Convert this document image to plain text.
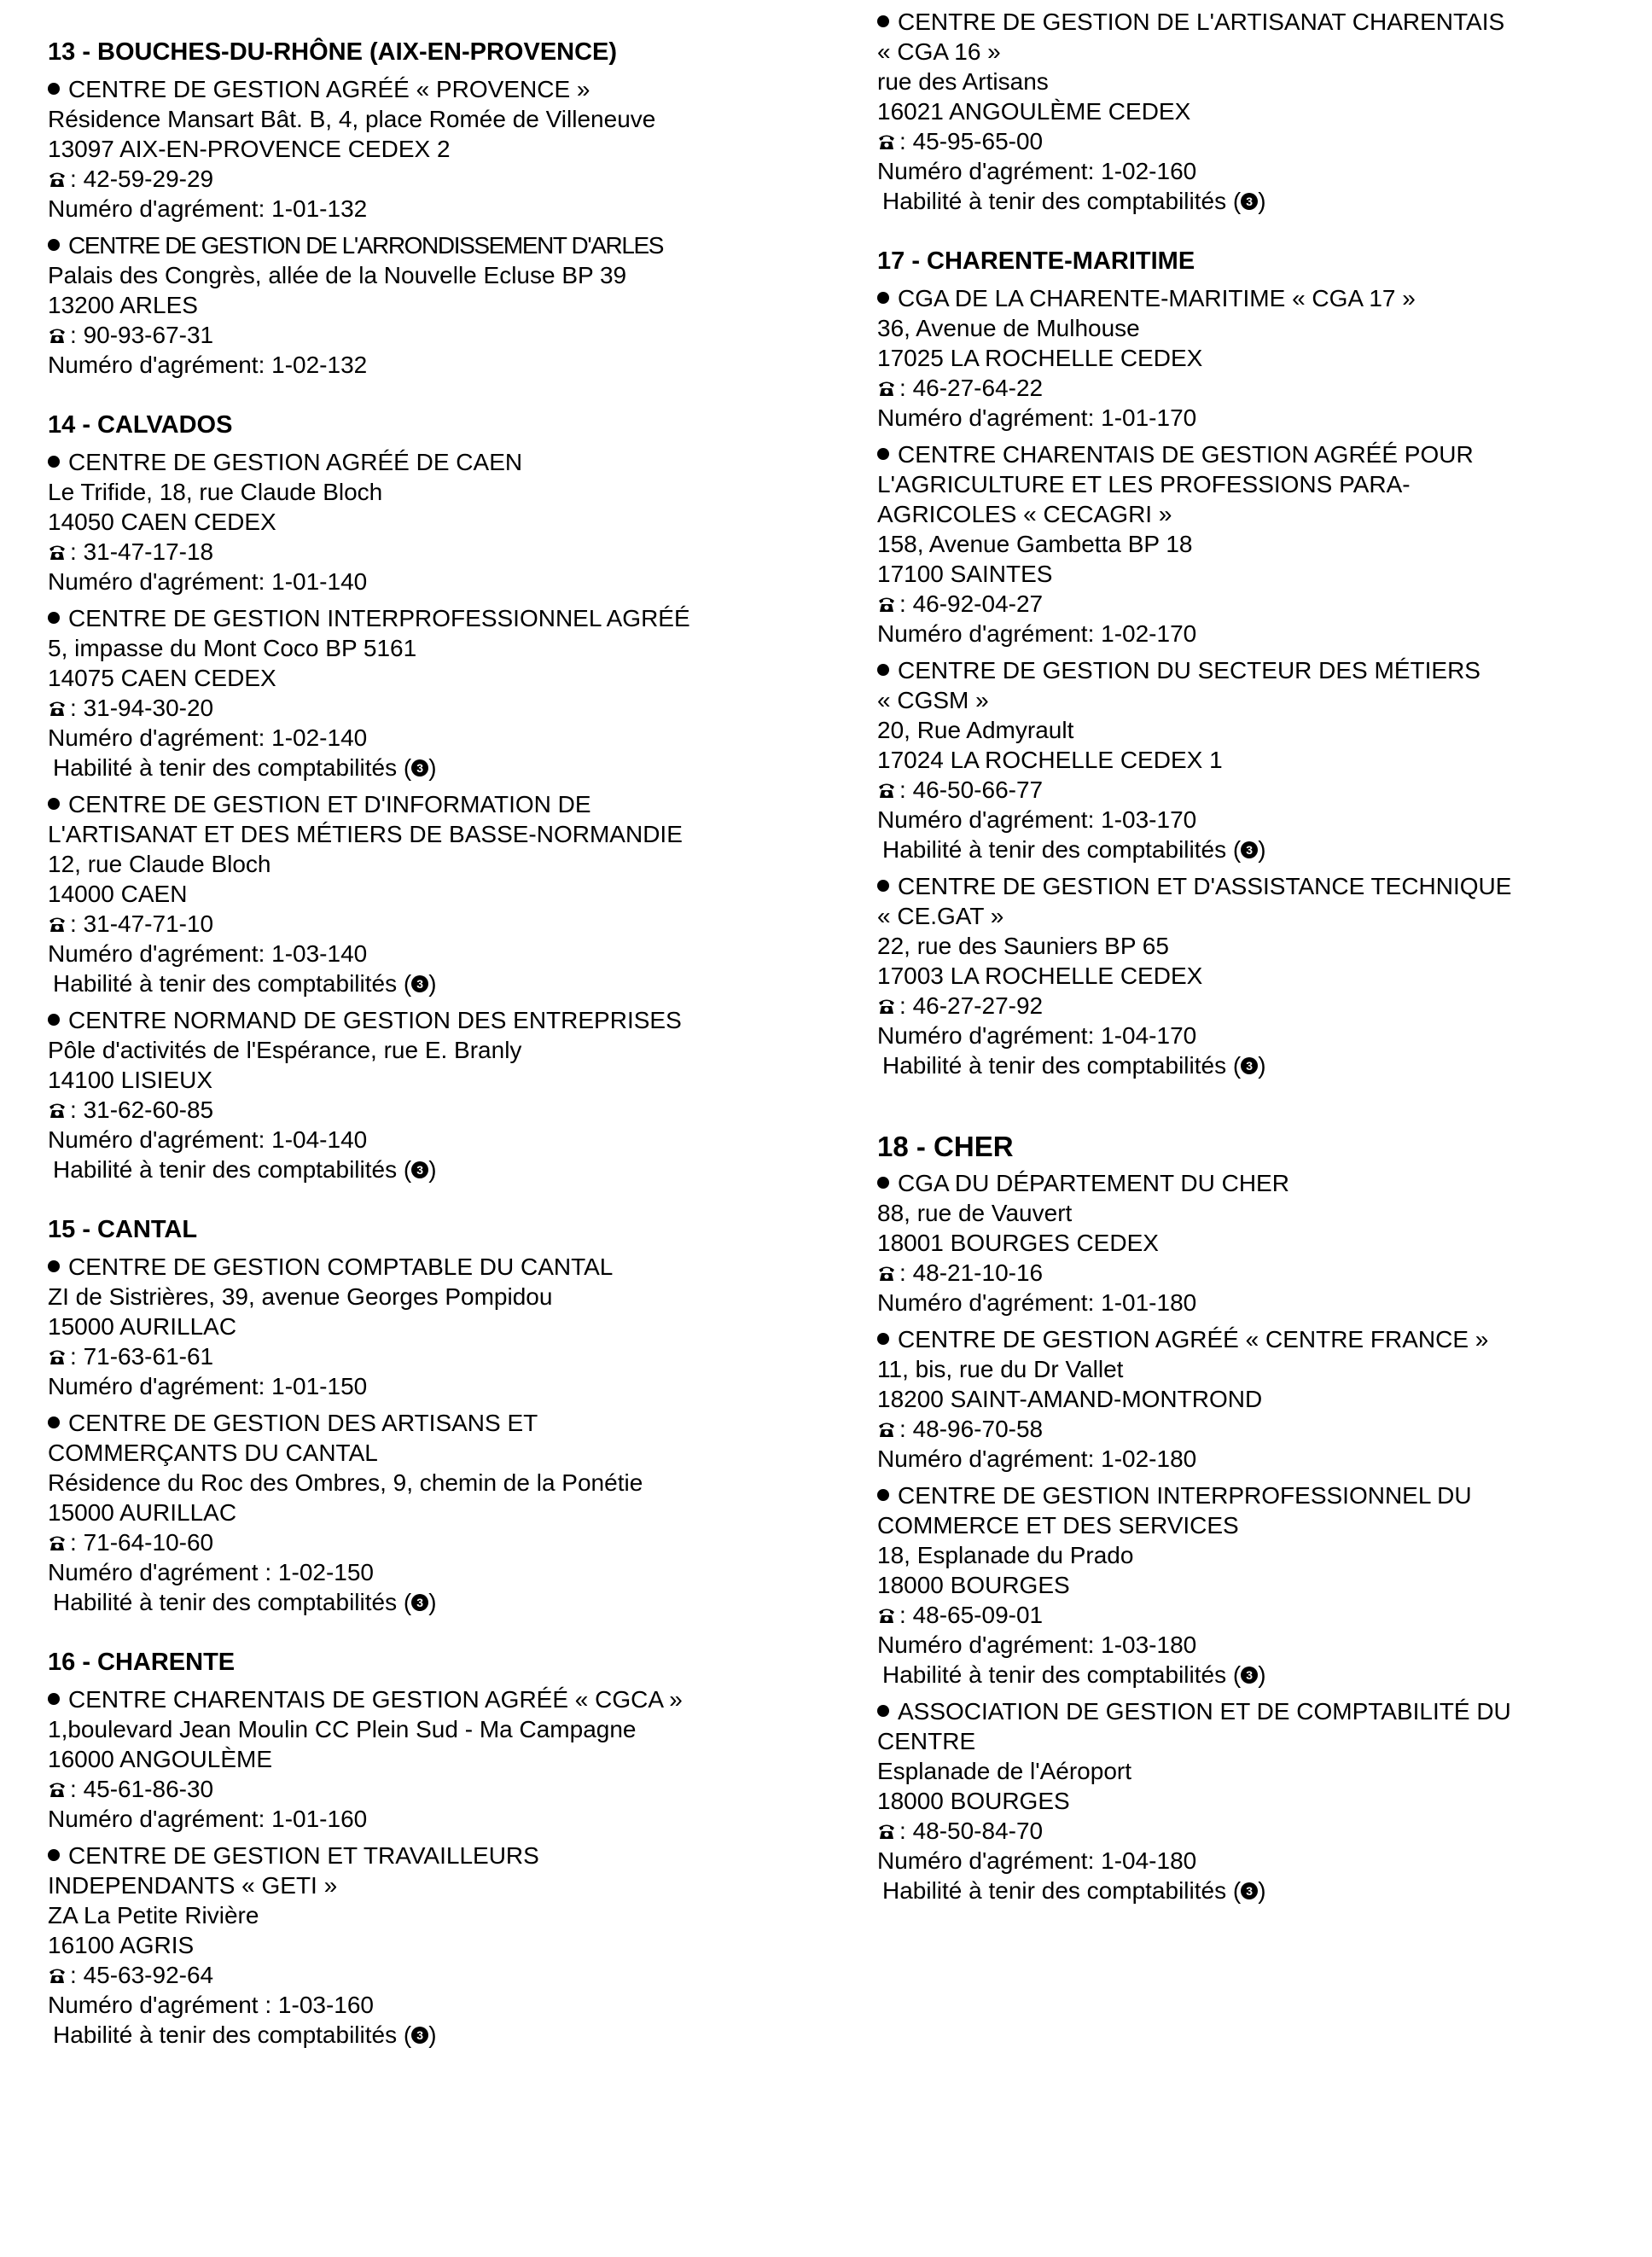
13 - BOUCHES-DU-RHÔNE (AIX-EN-PROVENCE)
CENTRE DE GESTION AGRÉÉ « PROVENCE »
Résidence Mansart Bât. B, 4, place Romée de Villeneuve
13097 AIX-EN-PROVENCE CEDEX 2
: 42-59-29-29
Numéro d'agrément: 1-01-132
CENTRE DE GESTION DE L'ARRONDISSEMENT D'ARLES
Palais des Congrès, allée de la Nouvelle Ecluse BP 39
13200 ARLES
: 90-93-67-31
Numéro d'agrément: 1-02-132
14 - CALVADOS
CENTRE DE GESTION AGRÉÉ DE CAEN
Le Trifide, 18, rue Claude Bloch
14050 CAEN CEDEX
: 31-47-17-18
Numéro d'agrément: 1-01-140
CENTRE DE GESTION INTERPROFESSIONNEL AGRÉÉ
5, impasse du Mont Coco BP 5161
14075 CAEN CEDEX
: 31-94-30-20
Numéro d'agrément: 1-02-140
Habilité à tenir des comptabilités ( 3 )
CENTRE DE GESTION ET D'INFORMATION DE
L'ARTISANAT ET DES MÉTIERS DE BASSE-NORMANDIE
12, rue Claude Bloch
14000 CAEN
: 31-47-71-10
Numéro d'agrément: 1-03-140
Habilité à tenir des comptabilités ( 3 )
CENTRE NORMAND DE GESTION DES ENTREPRISES
Pôle d'activités de l'Espérance, rue E. Branly
14100 LISIEUX
: 31-62-60-85
Numéro d'agrément: 1-04-140
Habilité à tenir des comptabilités ( 3 )
15 - CANTAL
CENTRE DE GESTION COMPTABLE DU CANTAL
ZI de Sistrières, 39, avenue Georges Pompidou
15000 AURILLAC
: 71-63-61-61
Numéro d'agrément: 1-01-150
CENTRE DE GESTION DES ARTISANS ET
COMMERÇANTS DU CANTAL
Résidence du Roc des Ombres, 9, chemin de la Ponétie
15000 AURILLAC
: 71-64-10-60
Numéro d'agrément : 1-02-150
Habilité à tenir des comptabilités ( 3 )
16 - CHARENTE
CENTRE CHARENTAIS DE GESTION AGRÉÉ « CGCA »
1,boulevard Jean Moulin CC Plein Sud - Ma Campagne
16000 ANGOULÈME
: 45-61-86-30
Numéro d'agrément: 1-01-160
CENTRE DE GESTION ET TRAVAILLEURS
INDEPENDANTS « GETI »
ZA La Petite Rivière
16100 AGRIS
: 45-63-92-64
Numéro d'agrément : 1-03-160
Habilité à tenir des comptabilités ( 3 )
CENTRE DE GESTION DE L'ARTISANAT CHARENTAIS
« CGA 16 »
rue des Artisans
16021 ANGOULÈME CEDEX
: 45-95-65-00
Numéro d'agrément: 1-02-160
Habilité à tenir des comptabilités ( 3 )
17 - CHARENTE-MARITIME
CGA DE LA CHARENTE-MARITIME « CGA 17 »
36, Avenue de Mulhouse
17025 LA ROCHELLE CEDEX
: 46-27-64-22
Numéro d'agrément: 1-01-170
CENTRE CHARENTAIS DE GESTION AGRÉÉ POUR
L'AGRICULTURE ET LES PROFESSIONS PARA-
AGRICOLES « CECAGRI »
158, Avenue Gambetta BP 18
17100 SAINTES
: 46-92-04-27
Numéro d'agrément: 1-02-170
CENTRE DE GESTION DU SECTEUR DES MÉTIERS
« CGSM »
20, Rue Admyrault
17024 LA ROCHELLE CEDEX 1
: 46-50-66-77
Numéro d'agrément: 1-03-170
Habilité à tenir des comptabilités ( 3 )
CENTRE DE GESTION ET D'ASSISTANCE TECHNIQUE
« CE.GAT »
22, rue des Sauniers BP 65
17003 LA ROCHELLE CEDEX
: 46-27-27-92
Numéro d'agrément: 1-04-170
Habilité à tenir des comptabilités ( 3 )
18 - CHER
CGA DU DÉPARTEMENT DU CHER
88, rue de Vauvert
18001 BOURGES CEDEX
: 48-21-10-16
Numéro d'agrément: 1-01-180
CENTRE DE GESTION AGRÉÉ « CENTRE FRANCE »
11, bis, rue du Dr Vallet
18200 SAINT-AMAND-MONTROND
: 48-96-70-58
Numéro d'agrément: 1-02-180
CENTRE DE GESTION INTERPROFESSIONNEL DU
COMMERCE ET DES SERVICES
18, Esplanade du Prado
18000 BOURGES
: 48-65-09-01
Numéro d'agrément: 1-03-180
Habilité à tenir des comptabilités ( 3 )
ASSOCIATION DE GESTION ET DE COMPTABILITÉ DU
CENTRE
Esplanade de l'Aéroport
18000 BOURGES
: 48-50-84-70
Numéro d'agrément: 1-04-180
Habilité à tenir des comptabilités ( 3 )
